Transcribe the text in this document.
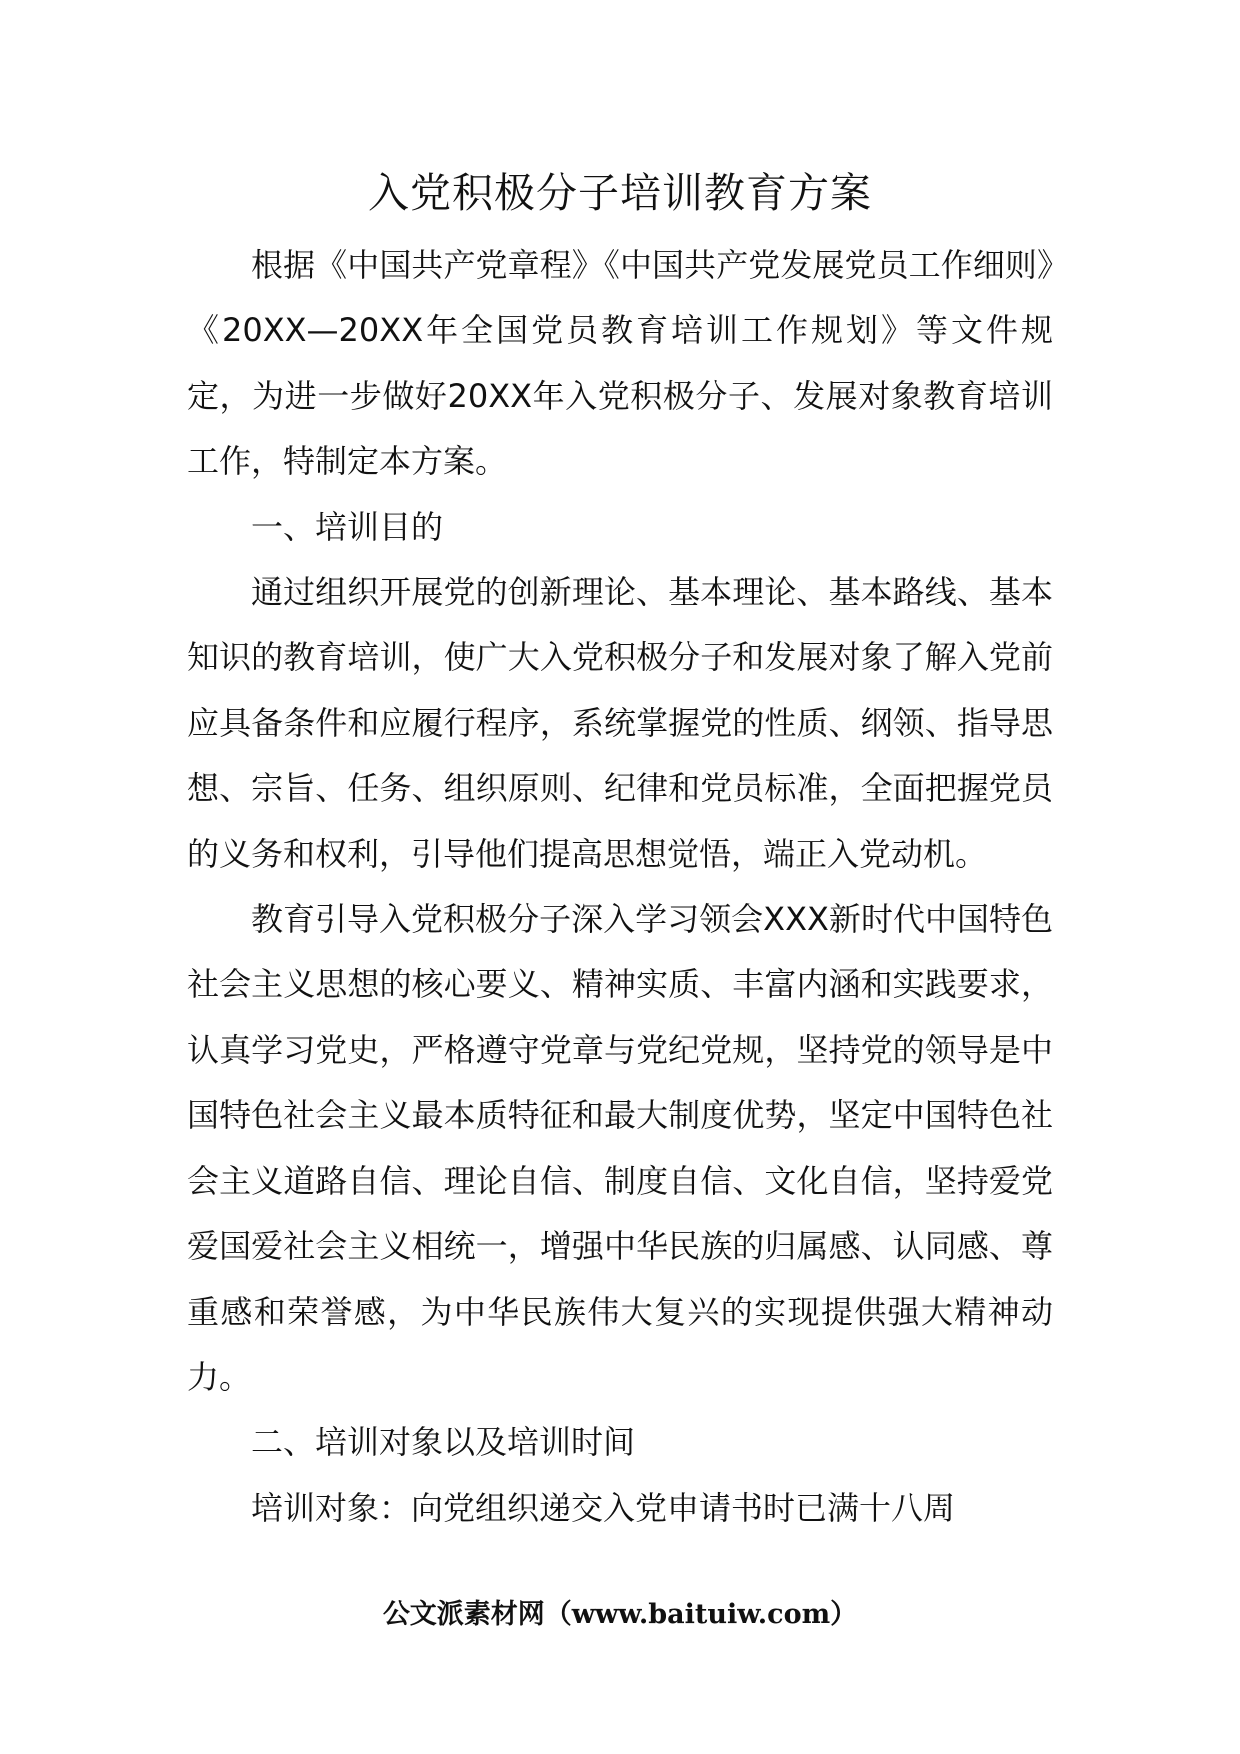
入党积极分子培训教育方案

根据《中国共产党章程》《中国共产党发展党员工作细则》《20XX—20XX年全国党员教育培训工作规划》等文件规定，为进一步做好20XX年入党积极分子、发展对象教育培训工作，特制定本方案。

一、培训目的

通过组织开展党的创新理论、基本理论、基本路线、基本知识的教育培训，使广大入党积极分子和发展对象了解入党前应具备条件和应履行程序，系统掌握党的性质、纲领、指导思想、宗旨、任务、组织原则、纪律和党员标准，全面把握党员的义务和权利，引导他们提高思想觉悟，端正入党动机。

教育引导入党积极分子深入学习领会XXX新时代中国特色社会主义思想的核心要义、精神实质、丰富内涵和实践要求，认真学习党史，严格遵守党章与党纪党规，坚持党的领导是中国特色社会主义最本质特征和最大制度优势，坚定中国特色社会主义道路自信、理论自信、制度自信、文化自信，坚持爱党爱国爱社会主义相统一，增强中华民族的归属感、认同感、尊重感和荣誉感，为中华民族伟大复兴的实现提供强大精神动力。

二、培训对象以及培训时间

培训对象：向党组织递交入党申请书时已满十八周

公文派素材网（www.baituiw.com）
